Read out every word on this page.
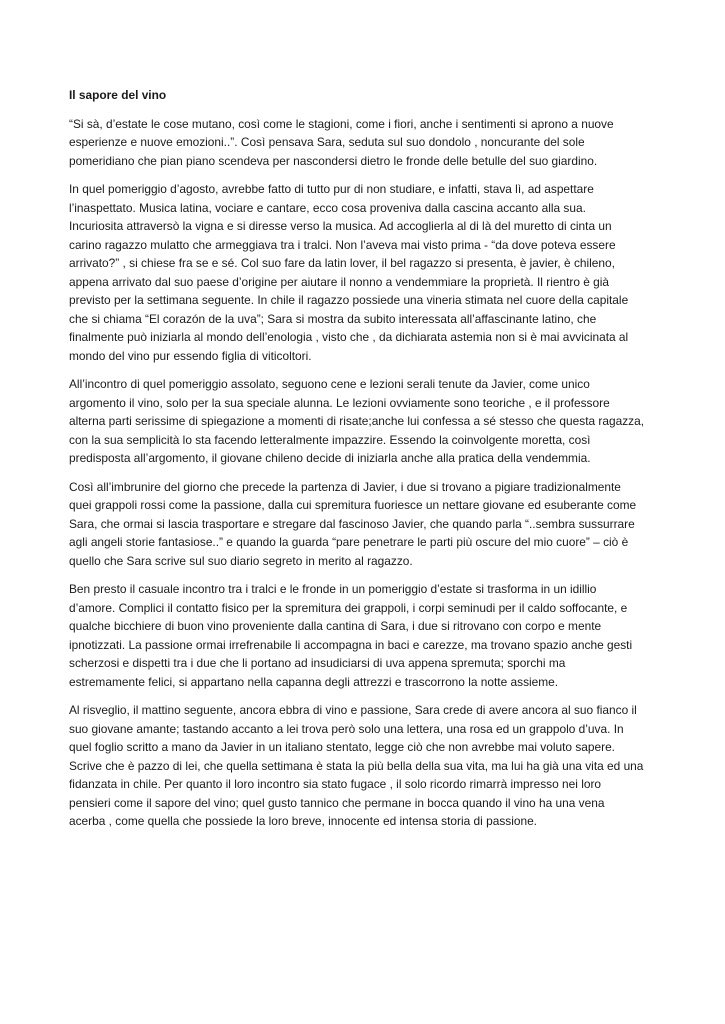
Il sapore del vino
“Si sà, d’estate le cose mutano, così come le stagioni, come i fiori, anche i sentimenti si aprono a nuove
esperienze e nuove emozioni..”. Così pensava Sara, seduta sul suo dondolo , noncurante del sole
pomeridiano che pian piano scendeva per nascondersi dietro le fronde delle betulle del suo giardino.
In quel pomeriggio d’agosto, avrebbe fatto di tutto pur di non studiare, e infatti, stava lì, ad aspettare
l’inaspettato. Musica latina, vociare e cantare, ecco cosa proveniva dalla cascina accanto alla sua.
Incuriosita attraversò la vigna e si diresse verso la musica. Ad accoglierla al di là del muretto di cinta un
carino ragazzo mulatto che armeggiava tra i tralci. Non l’aveva mai visto prima - “da dove poteva essere
arrivato?” , si chiese fra se e sé. Col suo fare da latin lover, il bel ragazzo si presenta, è javier, è chileno,
appena arrivato dal suo paese d’origine per aiutare il nonno a vendemmiare la proprietà. Il rientro è già
previsto per la settimana seguente. In chile il ragazzo possiede una vineria stimata nel cuore della capitale
che si chiama “El corazón de la uva”; Sara si mostra da subito interessata all’affascinante latino, che
finalmente può iniziarla al mondo dell’enologia , visto che , da dichiarata astemia non si è mai avvicinata al
mondo del vino pur essendo figlia di viticoltori.
All’incontro di quel pomeriggio assolato, seguono cene e lezioni serali tenute da Javier, come unico
argomento il vino, solo per la sua speciale alunna. Le lezioni ovviamente sono teoriche , e il professore
alterna parti serissime di spiegazione a momenti di risate;anche lui confessa a sé stesso che questa ragazza,
con la sua semplicità lo sta facendo letteralmente impazzire. Essendo la coinvolgente moretta, così
predisposta all’argomento, il giovane chileno decide di iniziarla anche alla pratica della vendemmia.
Così all’imbrunire del giorno che precede la partenza di Javier, i due si trovano a pigiare tradizionalmente
quei grappoli rossi come la passione, dalla cui spremitura fuoriesce un nettare giovane ed esuberante come
Sara, che ormai si lascia trasportare e stregare dal fascinoso Javier, che quando parla “..sembra sussurrare
agli angeli storie fantasiose..” e quando la guarda “pare penetrare le parti più oscure del mio cuore” – ciò è
quello che Sara scrive sul suo diario segreto in merito al ragazzo.
Ben presto il casuale incontro tra i tralci e le fronde in un pomeriggio d’estate si trasforma in un idillio
d’amore. Complici il contatto fisico per la spremitura dei grappoli, i corpi seminudi per il caldo soffocante, e
qualche bicchiere di buon vino proveniente dalla cantina di Sara, i due si ritrovano con corpo e mente
ipnotizzati. La passione ormai irrefrenabile li accompagna in baci e carezze, ma trovano spazio anche gesti
scherzosi e dispetti tra i due che li portano ad insudiciarsi di uva appena spremuta; sporchi ma
estremamente felici, si appartano nella capanna degli attrezzi e trascorrono la notte assieme.
Al risveglio, il mattino seguente, ancora ebbra di vino e passione, Sara crede di avere ancora al suo fianco il
suo giovane amante; tastando accanto a lei trova però solo una lettera, una rosa ed un grappolo d’uva. In
quel foglio scritto a mano da Javier in un italiano stentato, legge ciò che non avrebbe mai voluto sapere.
Scrive che è pazzo di lei, che quella settimana è stata la più bella della sua vita, ma lui ha già una vita ed una
fidanzata in chile. Per quanto il loro incontro sia stato fugace , il solo ricordo rimarrà impresso nei loro
pensieri come il sapore del vino; quel gusto tannico che permane in bocca quando il vino ha una vena
acerba , come quella che possiede la loro breve, innocente ed intensa storia di passione.
